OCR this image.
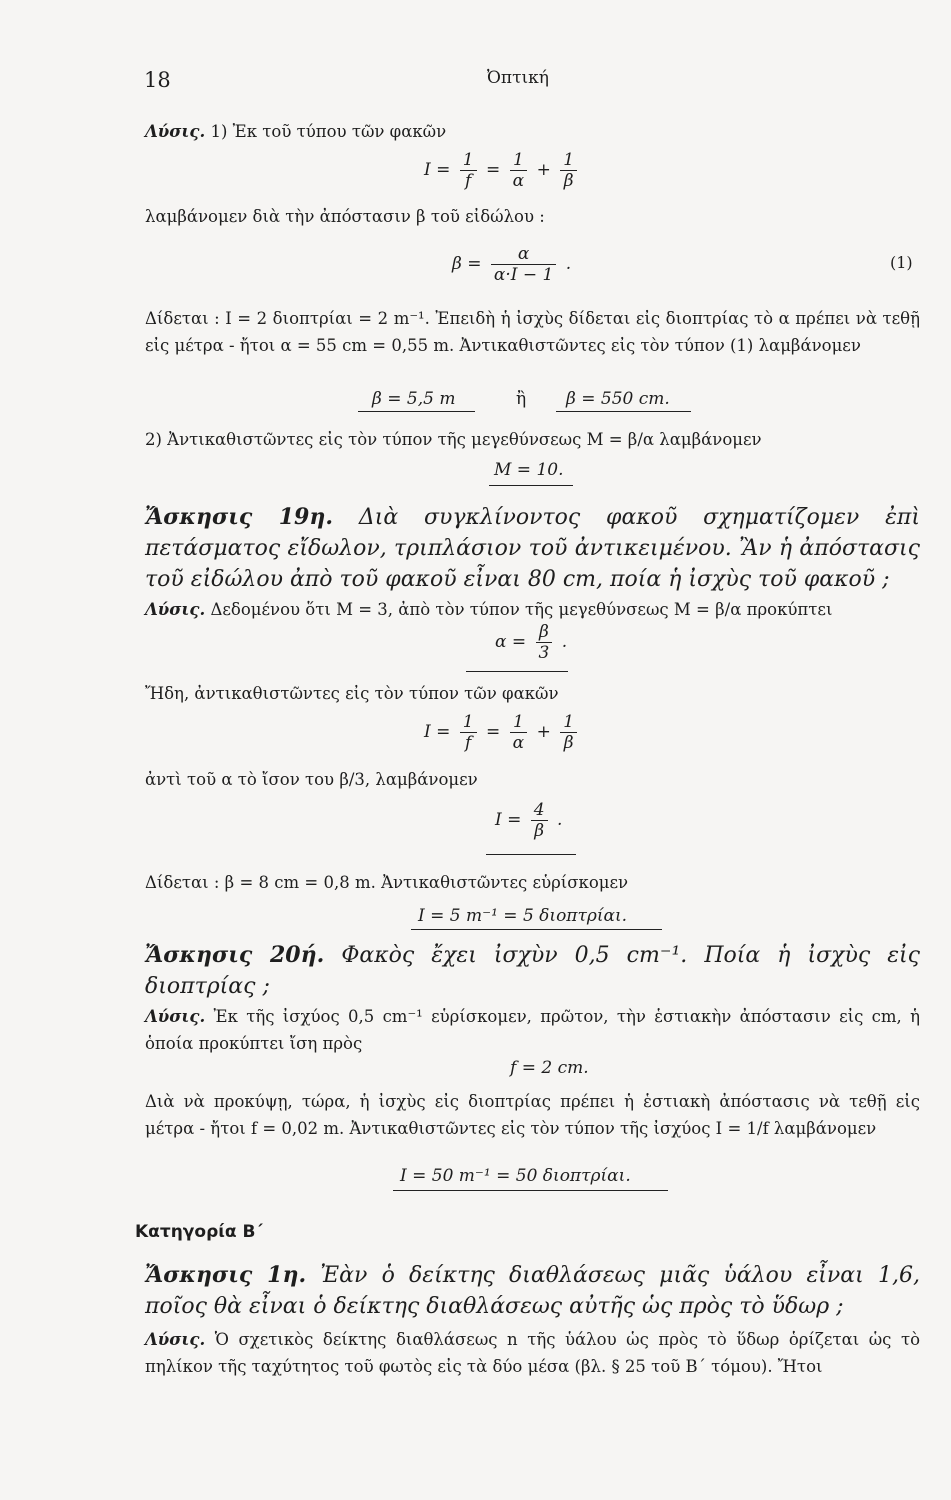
18	Ὀπτική
Λύσις. 1) Ἐκ τοῦ τύπου τῶν φακῶν
$I = \frac{1}{f} = \frac{1}{\alpha} + \frac{1}{\beta}$
λαμβάνομεν διὰ τὴν ἀπόστασιν β τοῦ εἰδώλου :
$\beta = \frac{\alpha}{\alpha\cdot I - 1}$ .	(1)
Δίδεται : I = 2 διοπτρίαι = 2 m⁻¹. Ἐπειδὴ ἡ ἰσχὺς δίδεται εἰς διοπτρίας τὸ α πρέπει νὰ τεθῇ εἰς μέτρα - ἤτοι α = 55 cm = 0,55 m. Ἀντικαθιστῶντες εἰς τὸν τύπον (1) λαμβάνομεν
β = 5,5 m	ἢ β = 550 cm.
2) Ἀντικαθιστῶντες εἰς τὸν τύπον τῆς μεγεθύνσεως M = β/α λαμβάνομεν
M = 10.
Ἄσκησις 19η. Διὰ συγκλίνοντος φακοῦ σχηματίζομεν ἐπὶ πετάσματος εἴδωλον, τριπλάσιον τοῦ ἀντικειμένου. Ἂν ἡ ἀπόστασις τοῦ εἰδώλου ἀπὸ τοῦ φακοῦ εἶναι 80 cm, ποία ἡ ἰσχὺς τοῦ φακοῦ ;
Λύσις. Δεδομένου ὅτι M = 3, ἀπὸ τὸν τύπον τῆς μεγεθύνσεως M = β/α προκύπτει
$\alpha = \frac{\beta}{3}$ .
Ἤδη, ἀντικαθιστῶντες εἰς τὸν τύπον τῶν φακῶν
$I = \frac{1}{f} = \frac{1}{\alpha} + \frac{1}{\beta}$
ἀντὶ τοῦ α τὸ ἴσον του β/3, λαμβάνομεν
$I = \frac{4}{\beta}$ .
Δίδεται : β = 8 cm = 0,8 m. Ἀντικαθιστῶντες εὑρίσκομεν
I = 5 m⁻¹ = 5 διοπτρίαι.
Ἄσκησις 20ή. Φακὸς ἔχει ἰσχὺν 0,5 cm⁻¹. Ποία ἡ ἰσχὺς εἰς διοπτρίας ;
Λύσις. Ἐκ τῆς ἰσχύος 0,5 cm⁻¹ εὑρίσκομεν, πρῶτον, τὴν ἑστιακὴν ἀπόστασιν εἰς cm, ἡ ὁποία προκύπτει ἴση πρὸς
f = 2 cm.
Διὰ νὰ προκύψῃ, τώρα, ἡ ἰσχὺς εἰς διοπτρίας πρέπει ἡ ἑστιακὴ ἀπόστασις νὰ τεθῇ εἰς μέτρα - ἤτοι f = 0,02 m. Ἀντικαθιστῶντες εἰς τὸν τύπον τῆς ἰσχύος I = 1/f λαμβάνομεν
I = 50 m⁻¹ = 50 διοπτρίαι.
Κατηγορία Β΄
Ἄσκησις 1η. Ἐὰν ὁ δείκτης διαθλάσεως μιᾶς ὑάλου εἶναι 1,6, ποῖος θὰ εἶναι ὁ δείκτης διαθλάσεως αὐτῆς ὡς πρὸς τὸ ὕδωρ ;
Λύσις. Ὁ σχετικὸς δείκτης διαθλάσεως n τῆς ὑάλου ὡς πρὸς τὸ ὕδωρ ὁρίζεται ὡς τὸ πηλίκον τῆς ταχύτητος τοῦ φωτὸς εἰς τὰ δύο μέσα (βλ. § 25 τοῦ Β΄ τόμου). Ἤτοι
